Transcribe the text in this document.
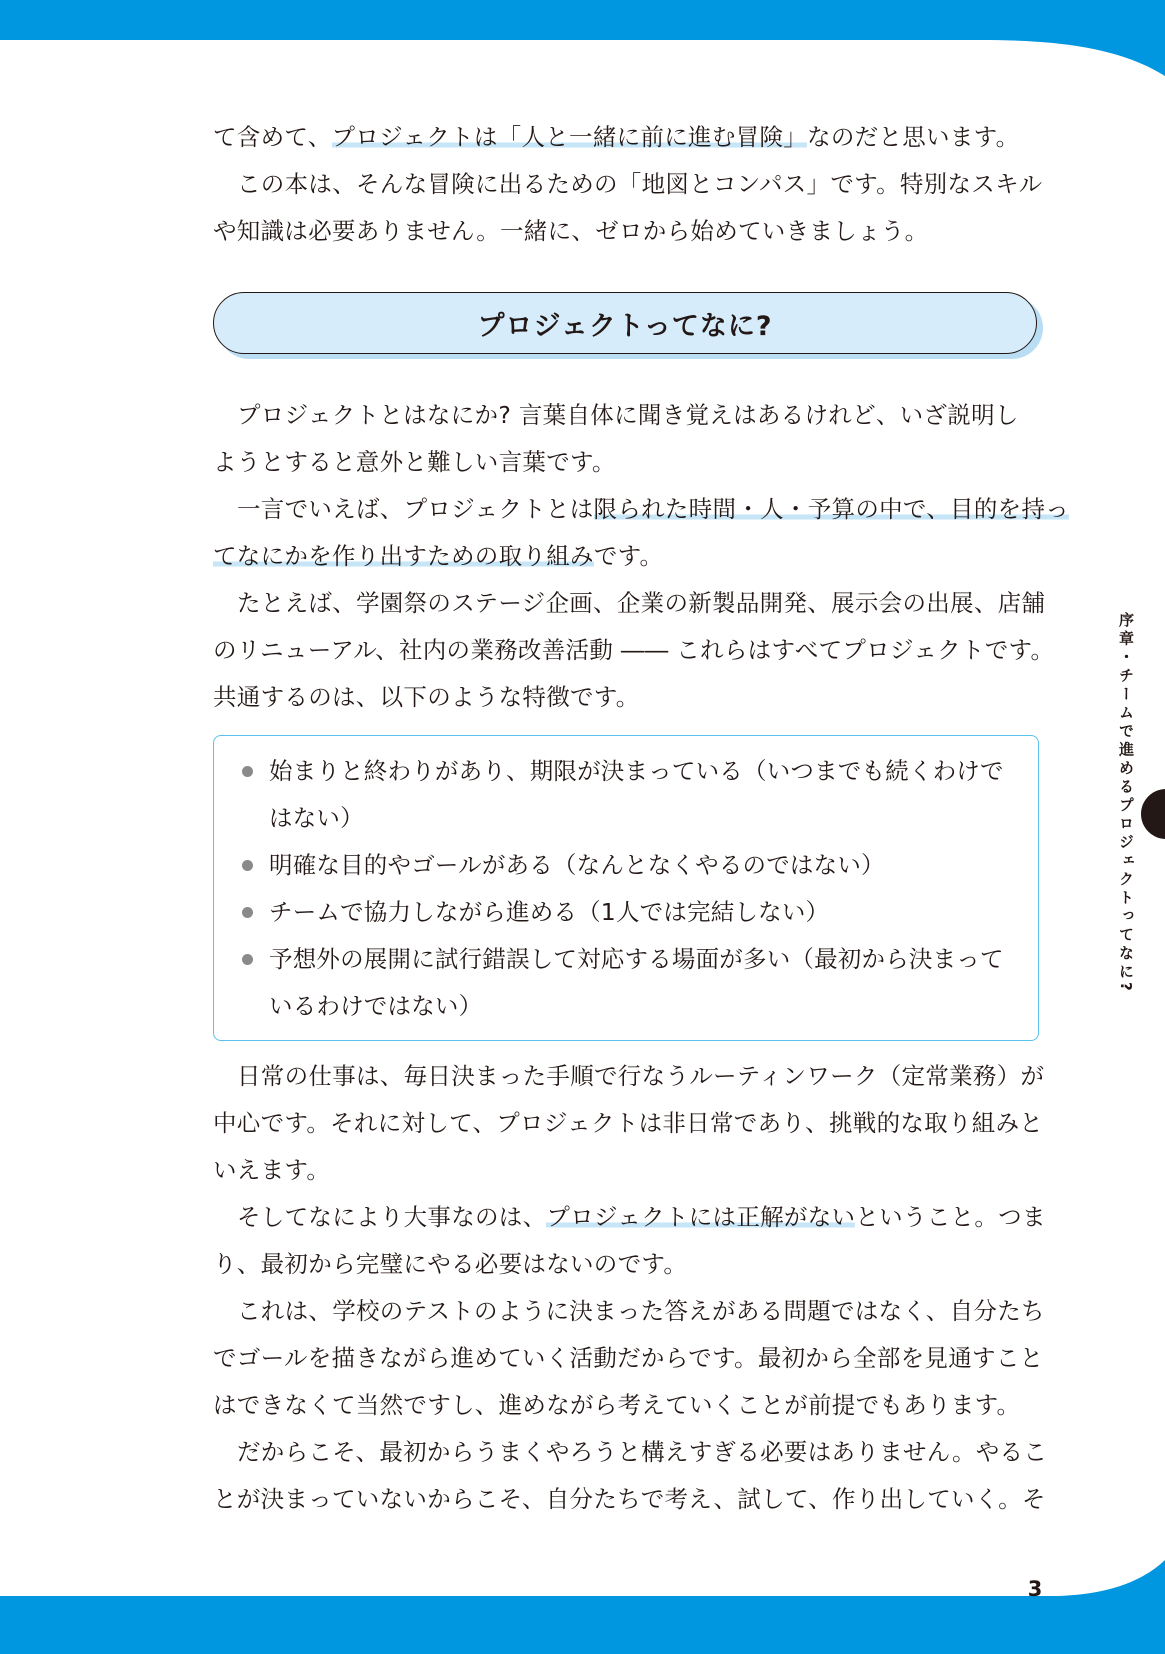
て含めて、プロジェクトは「人と一緒に前に進む冒険」なのだと思います。

この本は、そんな冒険に出るための「地図とコンパス」です。特別なスキル

や知識は必要ありません。一緒に、ゼロから始めていきましょう。

プロジェクトってなに?

プロジェクトとはなにか? 言葉自体に聞き覚えはあるけれど、いざ説明し

ようとすると意外と難しい言葉です。

一言でいえば、プロジェクトとは限られた時間・人・予算の中で、目的を持っ

てなにかを作り出すための取り組みです。

たとえば、学園祭のステージ企画、企業の新製品開発、展示会の出展、店舗

のリニューアル、社内の業務改善活動 ―― これらはすべてプロジェクトです。

共通するのは、以下のような特徴です。

始まりと終わりがあり、期限が決まっている（いつまでも続くわけで

はない）

明確な目的やゴールがある（なんとなくやるのではない）

チームで協力しながら進める（1人では完結しない）

予想外の展開に試行錯誤して対応する場面が多い（最初から決まって

いるわけではない）

日常の仕事は、毎日決まった手順で行なうルーティンワーク（定常業務）が

中心です。それに対して、プロジェクトは非日常であり、挑戦的な取り組みと

いえます。

そしてなにより大事なのは、プロジェクトには正解がないということ。つま

り、最初から完璧にやる必要はないのです。

これは、学校のテストのように決まった答えがある問題ではなく、自分たち

でゴールを描きながら進めていく活動だからです。最初から全部を見通すこと

はできなくて当然ですし、進めながら考えていくことが前提でもあります。

だからこそ、最初からうまくやろうと構えすぎる必要はありません。やるこ

とが決まっていないからこそ、自分たちで考え、試して、作り出していく。そ

序章・チームで進めるプロジェクトってなに?
3
